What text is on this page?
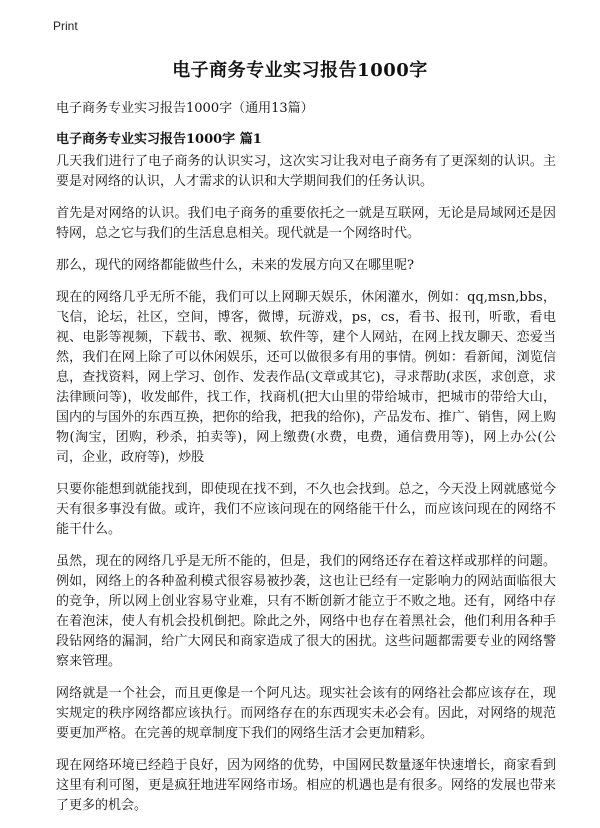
Print
电子商务专业实习报告1000字

电子商务专业实习报告1000字（通用13篇）

电子商务专业实习报告1000字 篇1

几天我们进行了电子商务的认识实习，这次实习让我对电子商务有了更深刻的认识。主要是对网络的认识，人才需求的认识和大学期间我们的任务认识。

首先是对网络的认识。我们电子商务的重要依托之一就是互联网，无论是局域网还是因特网，总之它与我们的生活息息相关。现代就是一个网络时代。

那么，现代的网络都能做些什么，未来的发展方向又在哪里呢?

现在的网络几乎无所不能，我们可以上网聊天娱乐，休闲灌水，例如：qq,msn,bbs，飞信，论坛，社区，空间，博客，微博，玩游戏，ps，cs，看书、报刊，听歌，看电视、电影等视频，下载书、歌、视频、软件等，建个人网站，在网上找友聊天、恋爱当然，我们在网上除了可以休闲娱乐，还可以做很多有用的事情。例如：看新闻，浏览信息，查找资料，网上学习、创作、发表作品(文章或其它)，寻求帮助(求医，求创意，求法律顾问等)，收发邮件，找工作，找商机(把大山里的带给城市，把城市的带给大山，国内的与国外的东西互换，把你的给我，把我的给你)，产品发布、推广、销售，网上购物(淘宝，团购，秒杀，拍卖等)，网上缴费(水费，电费，通信费用等)，网上办公(公司，企业，政府等)，炒股

只要你能想到就能找到，即使现在找不到，不久也会找到。总之，今天没上网就感觉今天有很多事没有做。或许，我们不应该问现在的网络能干什么，而应该问现在的网络不能干什么。

虽然，现在的网络几乎是无所不能的，但是，我们的网络还存在着这样或那样的问题。例如，网络上的各种盈利模式很容易被抄袭，这也让已经有一定影响力的网站面临很大的竞争，所以网上创业容易守业难，只有不断创新才能立于不败之地。还有，网络中存在着泡沫，使人有机会投机倒把。除此之外，网络中也存在着黑社会，他们利用各种手段钻网络的漏洞，给广大网民和商家造成了很大的困扰。这些问题都需要专业的网络警察来管理。

网络就是一个社会，而且更像是一个阿凡达。现实社会该有的网络社会都应该存在，现实规定的秩序网络都应该执行。而网络存在的东西现实未必会有。因此，对网络的规范要更加严格。在完善的规章制度下我们的网络生活才会更加精彩。

现在网络环境已经趋于良好，因为网络的优势，中国网民数量逐年快速增长，商家看到这里有利可图，更是疯狂地进军网络市场。相应的机遇也是有很多。网络的发展也带来了更多的机会。
